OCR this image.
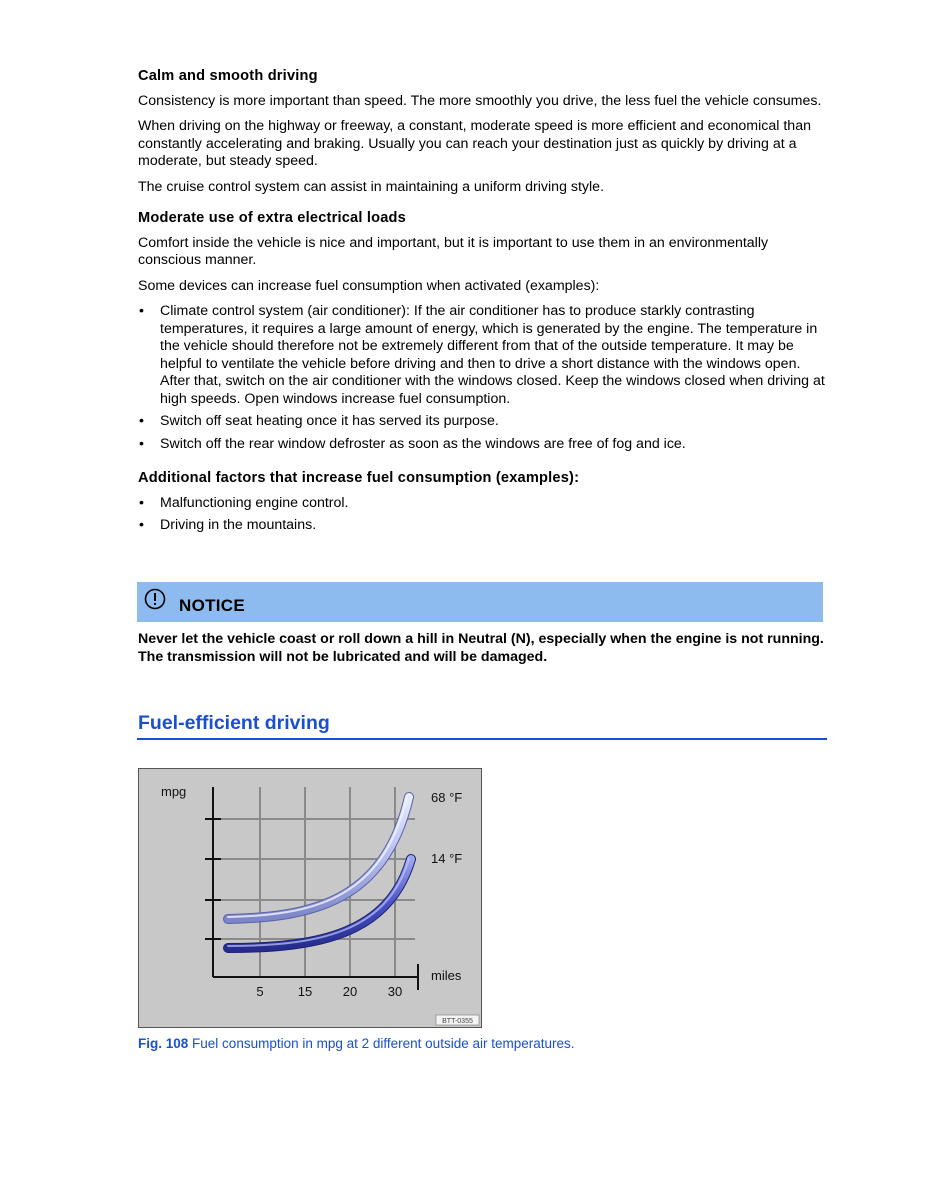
Calm and smooth driving

Consistency is more important than speed. The more smoothly you drive, the less fuel the vehicle consumes.

When driving on the highway or freeway, a constant, moderate speed is more efficient and economical than constantly accelerating and braking. Usually you can reach your destination just as quickly by driving at a moderate, but steady speed.

The cruise control system can assist in maintaining a uniform driving style.

Moderate use of extra electrical loads

Comfort inside the vehicle is nice and important, but it is important to use them in an environmentally conscious manner.

Some devices can increase fuel consumption when activated (examples):

• Climate control system (air conditioner): If the air conditioner has to produce starkly contrasting temperatures, it requires a large amount of energy, which is generated by the engine. The temperature in the vehicle should therefore not be extremely different from that of the outside temperature. It may be helpful to ventilate the vehicle before driving and then to drive a short distance with the windows open. After that, switch on the air conditioner with the windows closed. Keep the windows closed when driving at high speeds. Open windows increase fuel consumption.
• Switch off seat heating once it has served its purpose.
• Switch off the rear window defroster as soon as the windows are free of fog and ice.
Additional factors that increase fuel consumption (examples):
• Malfunctioning engine control.
• Driving in the mountains.
NOTICE
Never let the vehicle coast or roll down a hill in Neutral (N), especially when the engine is not running. The transmission will not be lubricated and will be damaged.
Fuel-efficient driving
mpg
miles
68 °F
14 °F
5	15 20 30
BTT-0355
Fig. 108 Fuel consumption in mpg at 2 different outside air temperatures.
